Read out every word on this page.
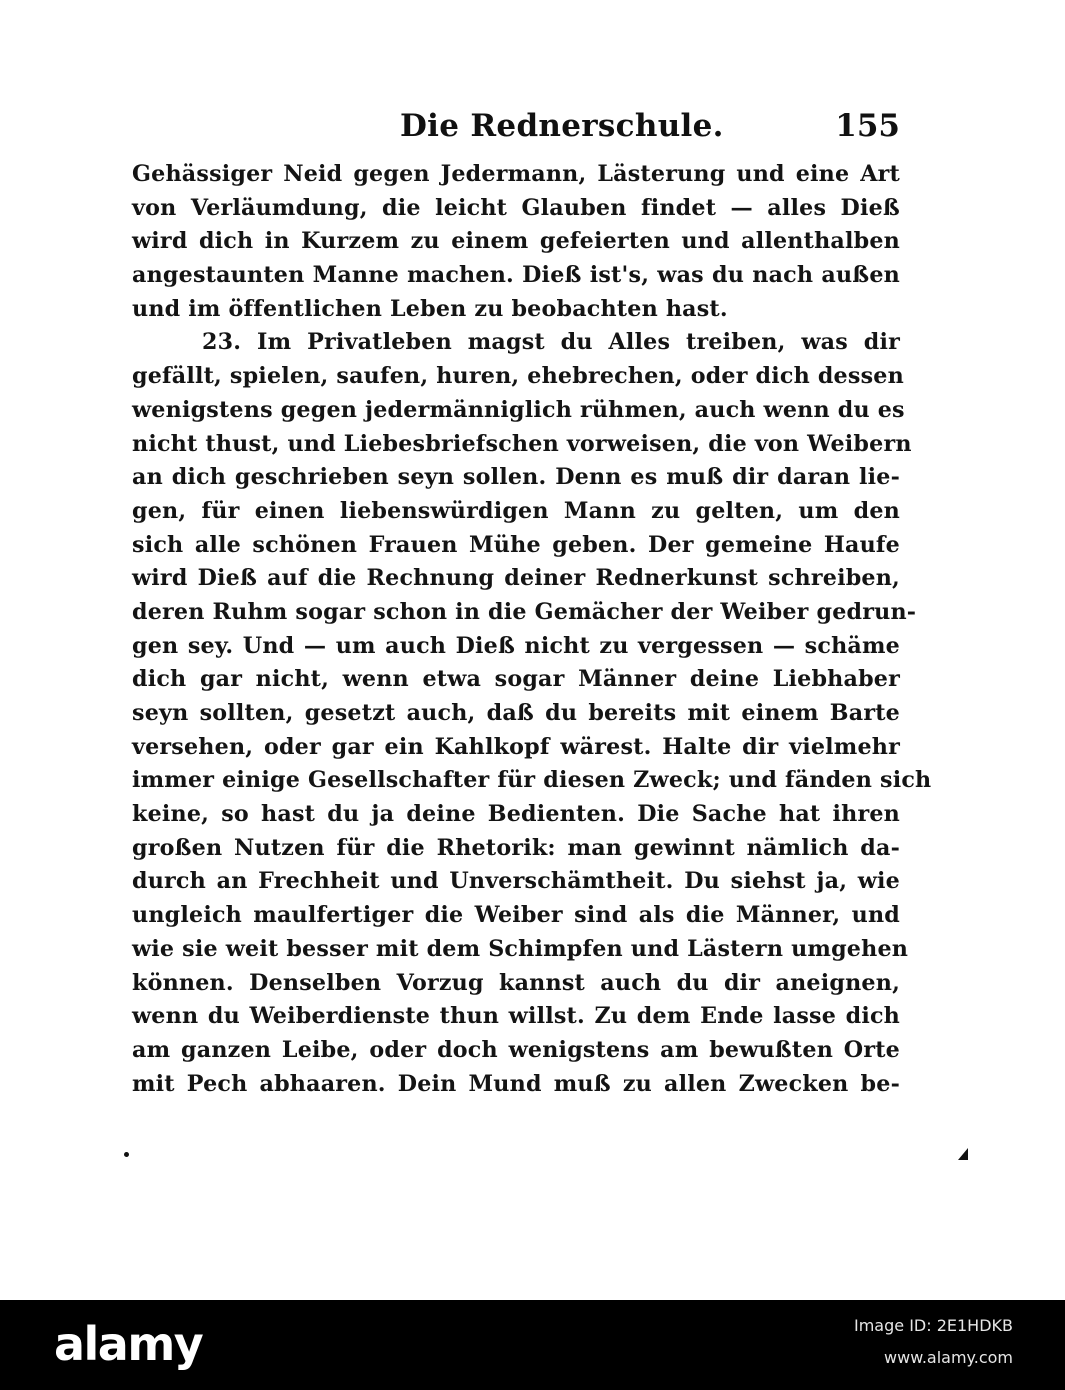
Die Rednerschule.	155
Gehässiger Neid gegen Jedermann, Lästerung und eine Art
von Verläumdung, die leicht Glauben findet — alles Dieß
wird dich in Kurzem zu einem gefeierten und allenthalben
angestaunten Manne machen. Dieß ist's, was du nach außen
und im öffentlichen Leben zu beobachten hast.
23. Im Privatleben magst du Alles treiben, was dir
gefällt, spielen, saufen, huren, ehebrechen, oder dich dessen
wenigstens gegen jedermänniglich rühmen, auch wenn du es
nicht thust, und Liebesbriefschen vorweisen, die von Weibern
an dich geschrieben seyn sollen. Denn es muß dir daran lie-
gen, für einen liebenswürdigen Mann zu gelten, um den
sich alle schönen Frauen Mühe geben. Der gemeine Haufe
wird Dieß auf die Rechnung deiner Rednerkunst schreiben,
deren Ruhm sogar schon in die Gemächer der Weiber gedrun-
gen sey. Und — um auch Dieß nicht zu vergessen — schäme
dich gar nicht, wenn etwa sogar Männer deine Liebhaber
seyn sollten, gesetzt auch, daß du bereits mit einem Barte
versehen, oder gar ein Kahlkopf wärest. Halte dir vielmehr
immer einige Gesellschafter für diesen Zweck; und fänden sich
keine, so hast du ja deine Bedienten. Die Sache hat ihren
großen Nutzen für die Rhetorik: man gewinnt nämlich da-
durch an Frechheit und Unverschämtheit. Du siehst ja, wie
ungleich maulfertiger die Weiber sind als die Männer, und
wie sie weit besser mit dem Schimpfen und Lästern umgehen
können. Denselben Vorzug kannst auch du dir aneignen,
wenn du Weiberdienste thun willst. Zu dem Ende lasse dich
am ganzen Leibe, oder doch wenigstens am bewußten Orte
mit Pech abhaaren. Dein Mund muß zu allen Zwecken be-
alamy	Image ID: 2E1HDKB
www.alamy.com
